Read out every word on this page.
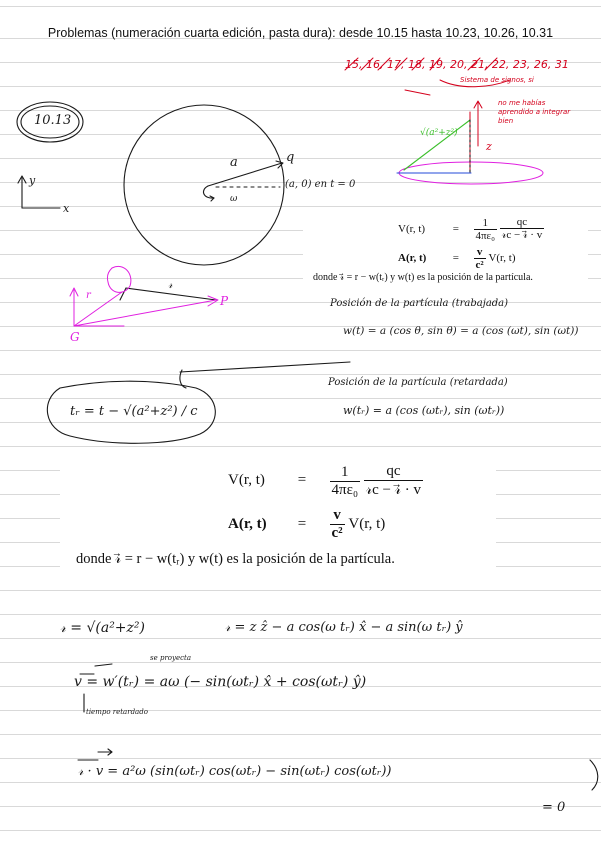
Problemas (numeración cuarta edición, pasta dura): desde 10.15 hasta 10.23, 10.26, 10.31
15, 16, 17, 18, 19, 20, 21, 22, 23, 26, 31
Sistema de signos, si
no me habías
aprendido a integrar
bien
10.13
a	q
(a, 0) en t = 0
ω
y
x
√(a²+z²)
z
r
𝓇
P
G
Posición de la partícula (trabajada)
w(t) = a (cos θ, sin θ) = a (cos (ωt), sin (ωt))
Posición de la partícula (retardada)
w(tᵣ) = a (cos (ωtᵣ), sin (ωtᵣ))
tᵣ = t − √(a²+z²) / c
V(r, t)	= $\frac{1}{\text{4πε₀}}$
$\frac{qc}{\text{𝓇c − 𝓇⃗ · v}}$
A(r, $t) = \frac{v}{\text{c²}} V(r$, t)
donde 𝓇⃗ = r − w(tᵣ) y w(t) es la posición de la partícula.
V(r, $t) = \frac{1}{\text{4πε₀}}$
$\frac{qc}{\text{𝓇c − 𝓇⃗ · v}}$
A(r, $t) = \frac{v}{\text{c²}} V(r$, t)
donde 𝓇⃗ = r − w(tᵣ) y w(t) es la posición de la partícula.
𝓇 = √(a²+z²)	𝓇 = z ẑ − a cos(ω tᵣ) x̂ − a sin(ω tᵣ) ŷ
se proyecta
v = w′(tᵣ) = aω (− sin(ωtᵣ) x̂ + cos(ωtᵣ) ŷ)
tiempo retardado
𝓇 · v = a²ω (sin(ωtᵣ) cos(ωtᵣ) − sin(ωtᵣ) cos(ωtᵣ))
= 0
